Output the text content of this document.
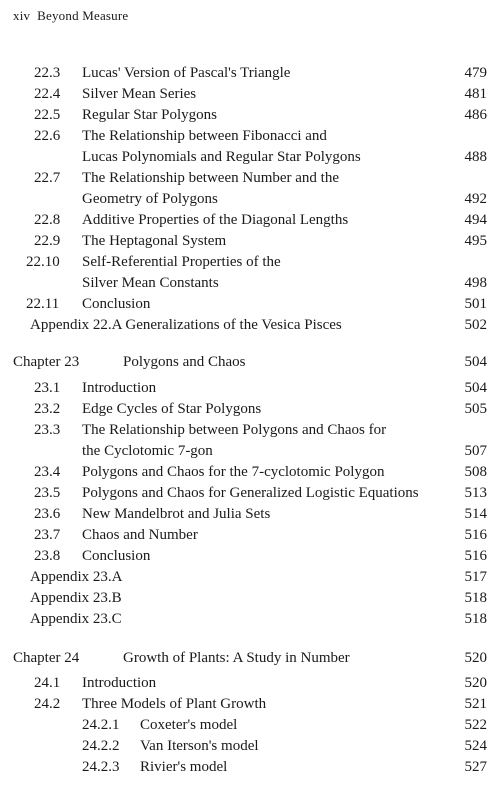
xiv Beyond Measure
22.3 Lucas' Version of Pascal's Triangle	479
22.4 Silver Mean Series	481
22.5 Regular Star Polygons	486
22.6 The Relationship between Fibonacci and
Lucas Polynomials and Regular Star Polygons	488
22.7 The Relationship between Number and the
Geometry of Polygons	492
22.8 Additive Properties of the Diagonal Lengths	494
22.9 The Heptagonal System	495
22.10 Self-Referential Properties of the
Silver Mean Constants	498
22.11 Conclusion	501
Appendix 22.A Generalizations of the Vesica Pisces	502
Chapter 23	Polygons and Chaos	504
23.1 Introduction	504
23.2 Edge Cycles of Star Polygons	505
23.3 The Relationship between Polygons and Chaos for
the Cyclotomic 7-gon	507
23.4 Polygons and Chaos for the 7-cyclotomic Polygon	508
23.5 Polygons and Chaos for Generalized Logistic Equations	513
23.6 New Mandelbrot and Julia Sets	514
23.7 Chaos and Number	516
23.8 Conclusion	516
Appendix 23.A	517
Appendix 23.B	518
Appendix 23.C	518
Chapter 24	Growth of Plants: A Study in Number	520
24.1 Introduction	520
24.2 Three Models of Plant Growth	521
24.2.1 Coxeter's model	522
24.2.2 Van Iterson's model	524
24.2.3 Rivier's model	527
